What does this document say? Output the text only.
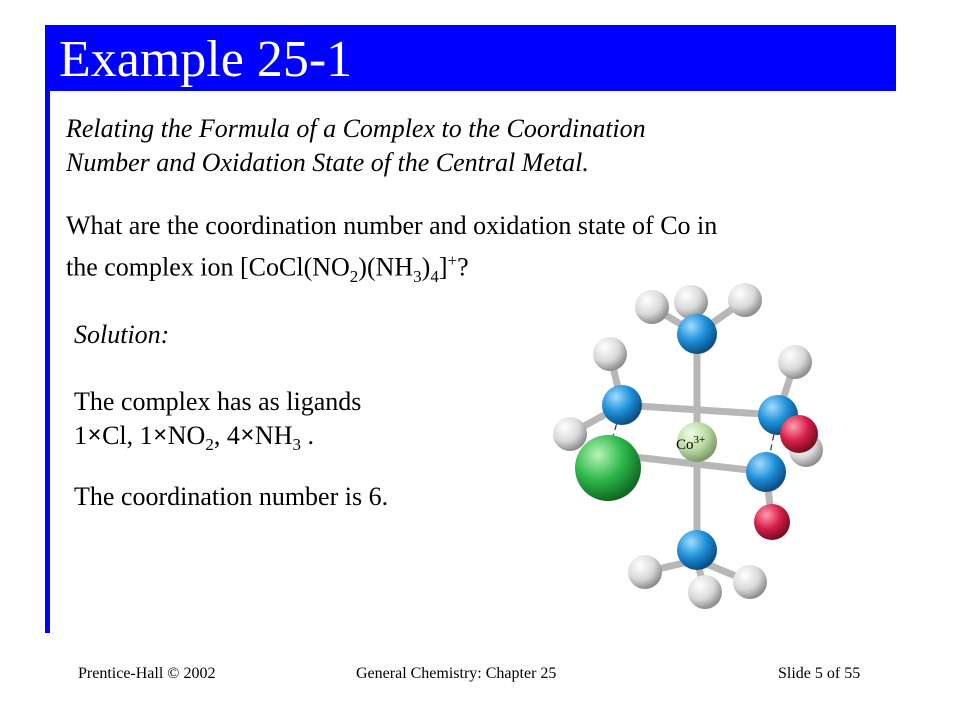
Example 25-1
Relating the Formula of a Complex to the Coordination
Number and Oxidation State of the Central Metal.
What are the coordination number and oxidation state of Co in
the complex ion $[CoCl(NO_2)(NH_3)_4]^+$?
Solution:
The complex has as ligands
1✕Cl, $1✕NO_2$, $4✕NH_3$ .
The coordination number is 6.
$Co^{3+}$
Prentice-Hall © 2002	General Chemistry: Chapter 25	Slide 5 of 55
